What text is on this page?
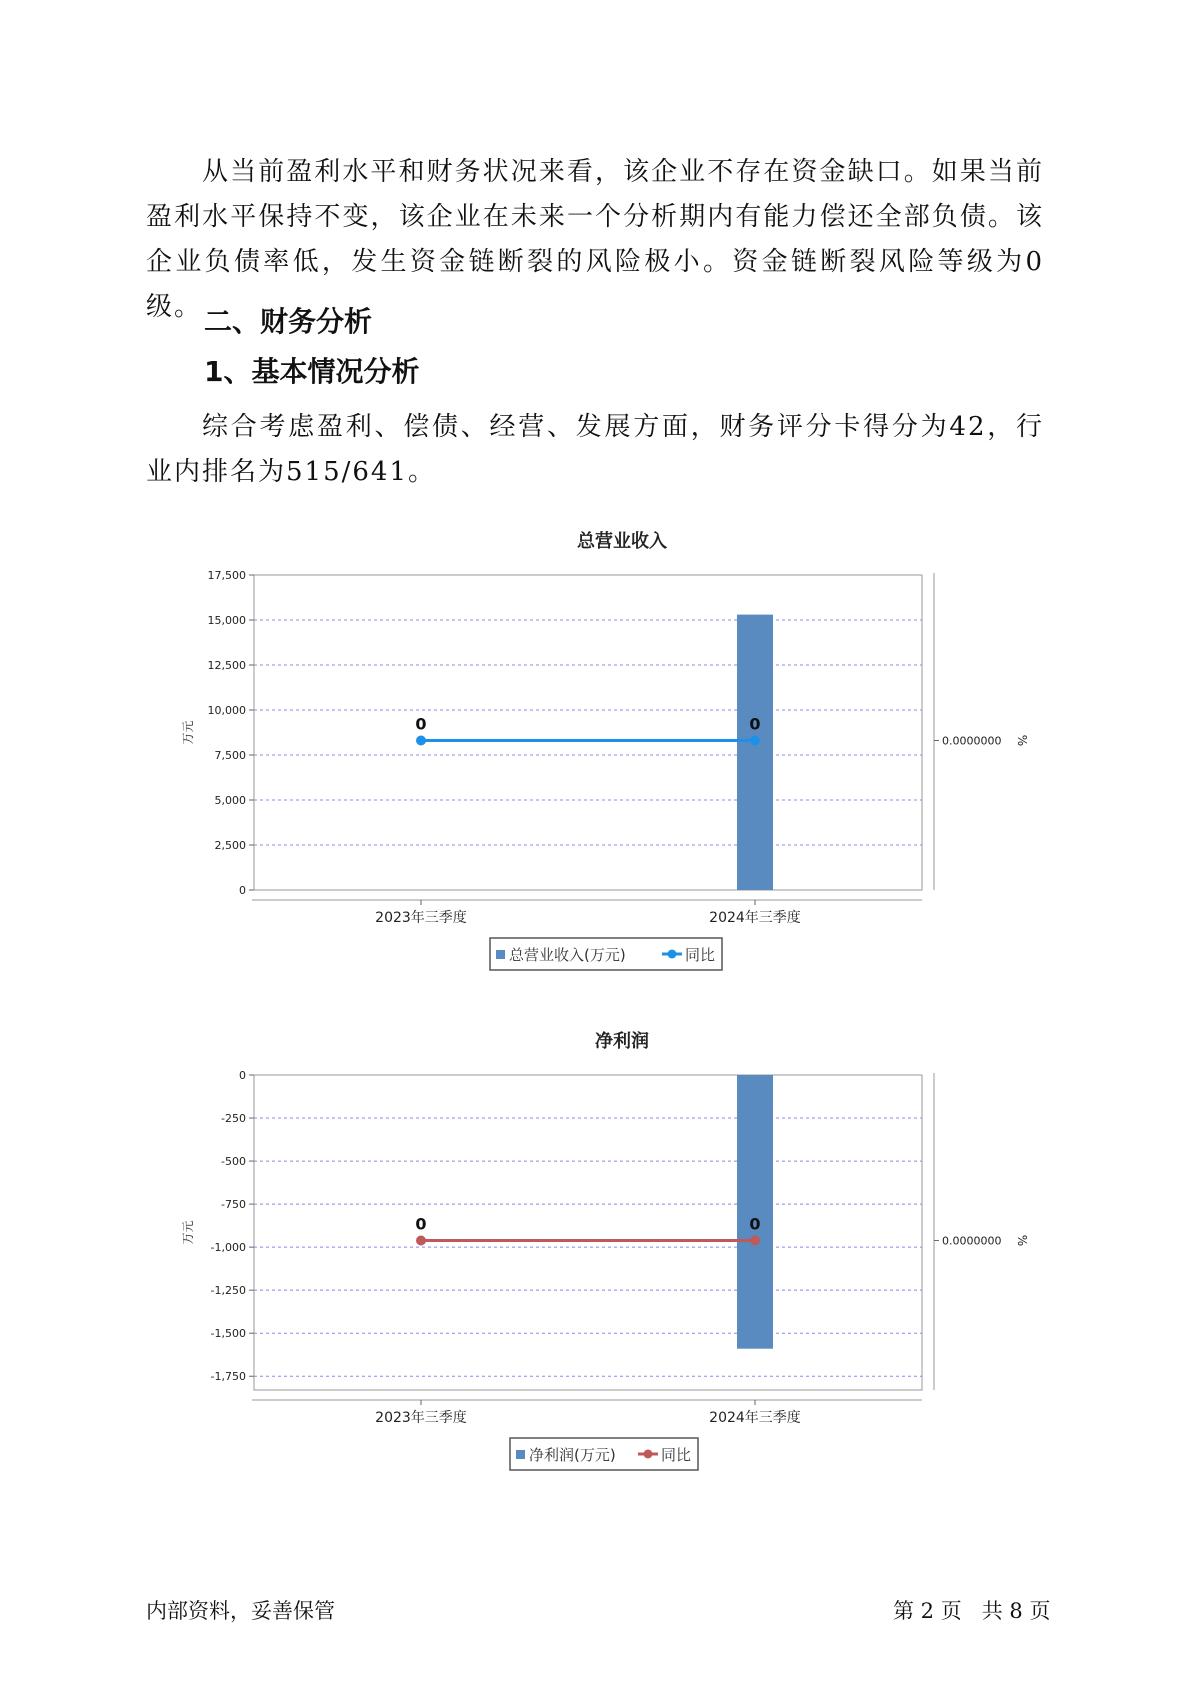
从当前盈利水平和财务状况来看，该企业不存在资金缺口。如果当前盈利水平保持不变，该企业在未来一个分析期内有能力偿还全部负债。该企业负债率低，发生资金链断裂的风险极小。资金链断裂风险等级为0级。 二、财务分析
1、基本情况分析

综合考虑盈利、偿债、经营、发展方面，财务评分卡得分为42，行业内排名为515/641。

总营业收入
0
2,500
5,000
7,500
10,000
12,500
15,000
17,500
万元	0.0000000 %
2023年三季度	2024年三季度
0	0
总营业收入(万元)	同比
净利润
0
-250
-500
-750
-1,000
-1,250
-1,500
-1,750
万元	0.0000000 %
2023年三季度	2024年三季度
0	0
净利润(万元)	同比
内部资料，妥善保管	第 2 页   共 8 页
